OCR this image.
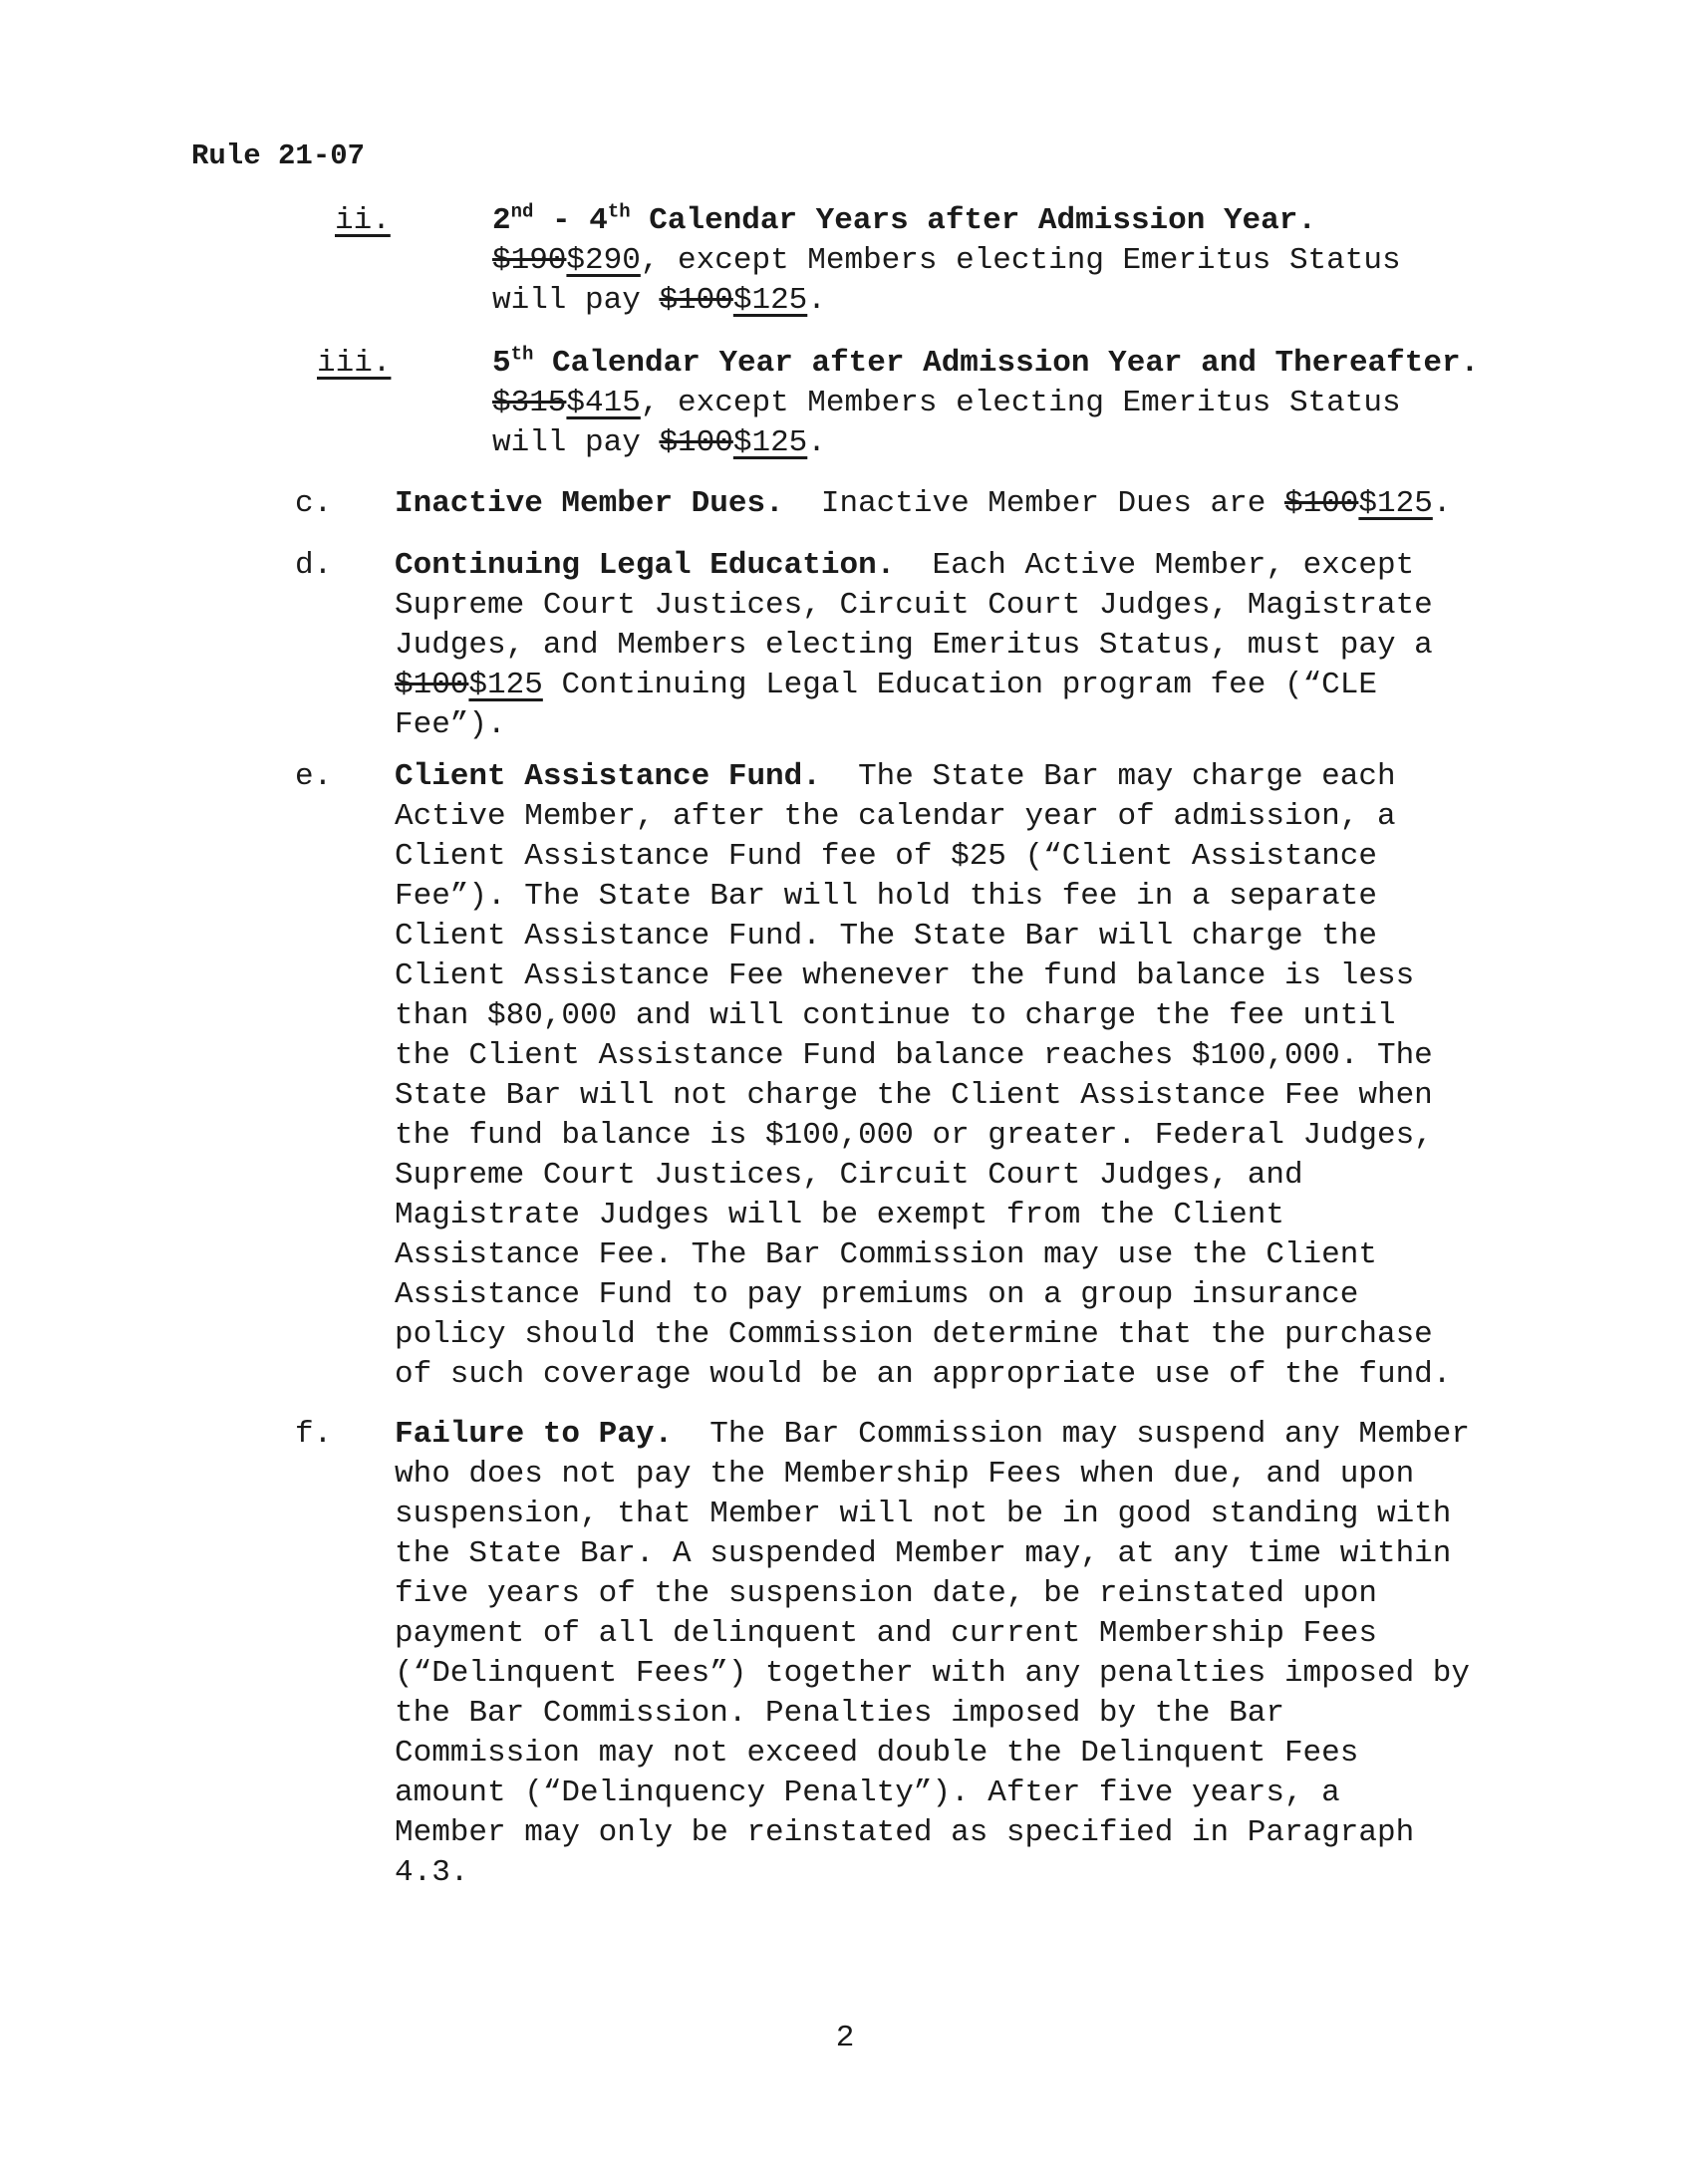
Rule 21-07
ii.	2nd - 4th Calendar Years after Admission Year.
$190$290, except Members electing Emeritus Status
will pay $100$125.
iii.	5th Calendar Year after Admission Year and Thereafter.
$315$415, except Members electing Emeritus Status
will pay $100$125.
c. Inactive Member Dues.  Inactive Member Dues are $100$125.
d. Continuing Legal Education.  Each Active Member, except
Supreme Court Justices, Circuit Court Judges, Magistrate
Judges, and Members electing Emeritus Status, must pay a
$100$125 Continuing Legal Education program fee (“CLE
Fee”).
e. Client Assistance Fund.  The State Bar may charge each
Active Member, after the calendar year of admission, a
Client Assistance Fund fee of $25 (“Client Assistance
Fee”). The State Bar will hold this fee in a separate
Client Assistance Fund. The State Bar will charge the
Client Assistance Fee whenever the fund balance is less
than $80,000 and will continue to charge the fee until
the Client Assistance Fund balance reaches $100,000. The
State Bar will not charge the Client Assistance Fee when
the fund balance is $100,000 or greater. Federal Judges,
Supreme Court Justices, Circuit Court Judges, and
Magistrate Judges will be exempt from the Client
Assistance Fee. The Bar Commission may use the Client
Assistance Fund to pay premiums on a group insurance
policy should the Commission determine that the purchase
of such coverage would be an appropriate use of the fund.
f. Failure to Pay.  The Bar Commission may suspend any Member
who does not pay the Membership Fees when due, and upon
suspension, that Member will not be in good standing with
the State Bar. A suspended Member may, at any time within
five years of the suspension date, be reinstated upon
payment of all delinquent and current Membership Fees
(“Delinquent Fees”) together with any penalties imposed by
the Bar Commission. Penalties imposed by the Bar
Commission may not exceed double the Delinquent Fees
amount (“Delinquency Penalty”). After five years, a
Member may only be reinstated as specified in Paragraph
4.3.
2
